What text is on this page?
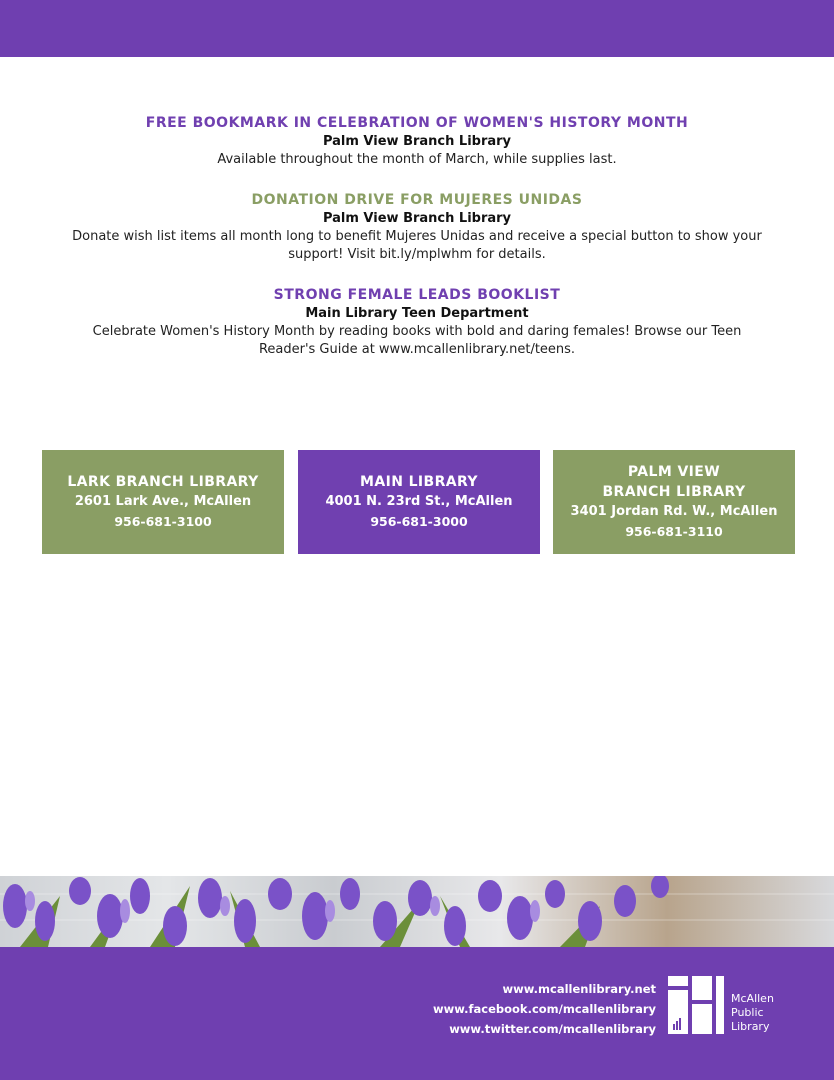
FREE BOOKMARK IN CELEBRATION OF WOMEN'S HISTORY MONTH
Palm View Branch Library
Available throughout the month of March, while supplies last.
DONATION DRIVE FOR MUJERES UNIDAS
Palm View Branch Library
Donate wish list items all month long to benefit Mujeres Unidas and receive a special button to show your support! Visit bit.ly/mplwhm for details.
STRONG FEMALE LEADS BOOKLIST
Main Library Teen Department
Celebrate Women's History Month by reading books with bold and daring females! Browse our Teen Reader's Guide at www.mcallenlibrary.net/teens.
LARK BRANCH LIBRARY
2601 Lark Ave., McAllen
956-681-3100
MAIN LIBRARY
4001 N. 23rd St., McAllen
956-681-3000
PALM VIEW
BRANCH LIBRARY
3401 Jordan Rd. W., McAllen
956-681-3110
www.mcallenlibrary.net
www.facebook.com/mcallenlibrary
www.twitter.com/mcallenlibrary
McAllen
Public
Library
